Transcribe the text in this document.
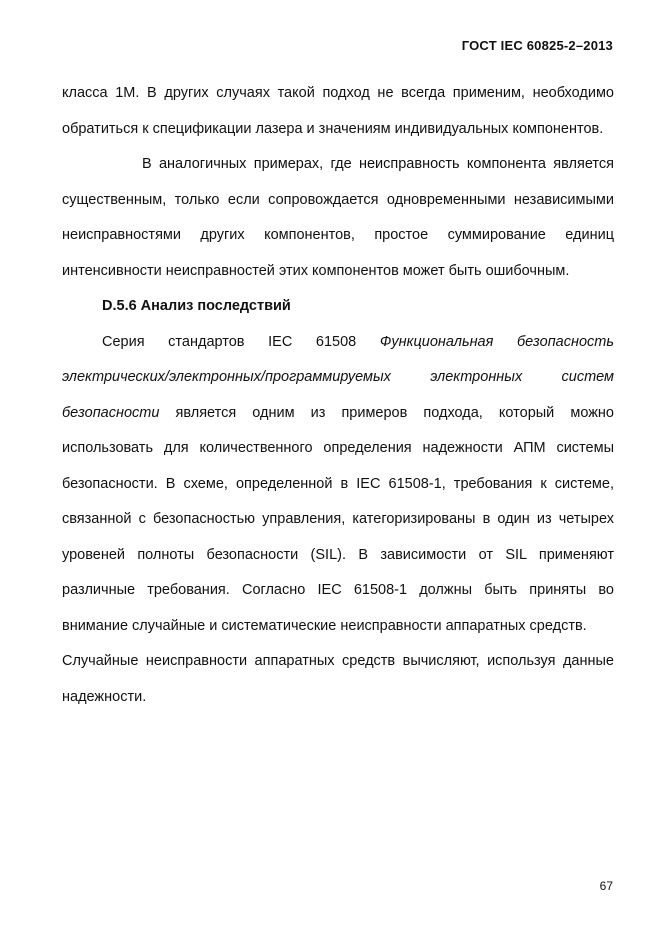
ГОСТ IEC 60825-2–2013

класса 1М. В других случаях такой подход не всегда применим, необходимо обратиться к спецификации лазера и значениям индивидуальных компонентов.

В аналогичных примерах, где неисправность компонента является существенным, только если сопровождается одновременными независимыми неисправностями других компонентов, простое суммирование единиц интенсивности неисправностей этих компонентов может быть ошибочным.

D.5.6 Анализ последствий

Серия стандартов IEC 61508 Функциональная безопасность электрических/электронных/программируемых электронных систем безопасности является одним из примеров подхода, который можно использовать для количественного определения надежности АПМ системы безопасности. В схеме, определенной в IEC 61508-1, требования к системе, связанной с безопасностью управления, категоризированы в один из четырех уровеней полноты безопасности (SIL). В зависимости от SIL применяют различные требования. Согласно IEC 61508-1 должны быть приняты во внимание случайные и систематические неисправности аппаратных средств.

Случайные неисправности аппаратных средств вычисляют, используя данные надежности.

67
